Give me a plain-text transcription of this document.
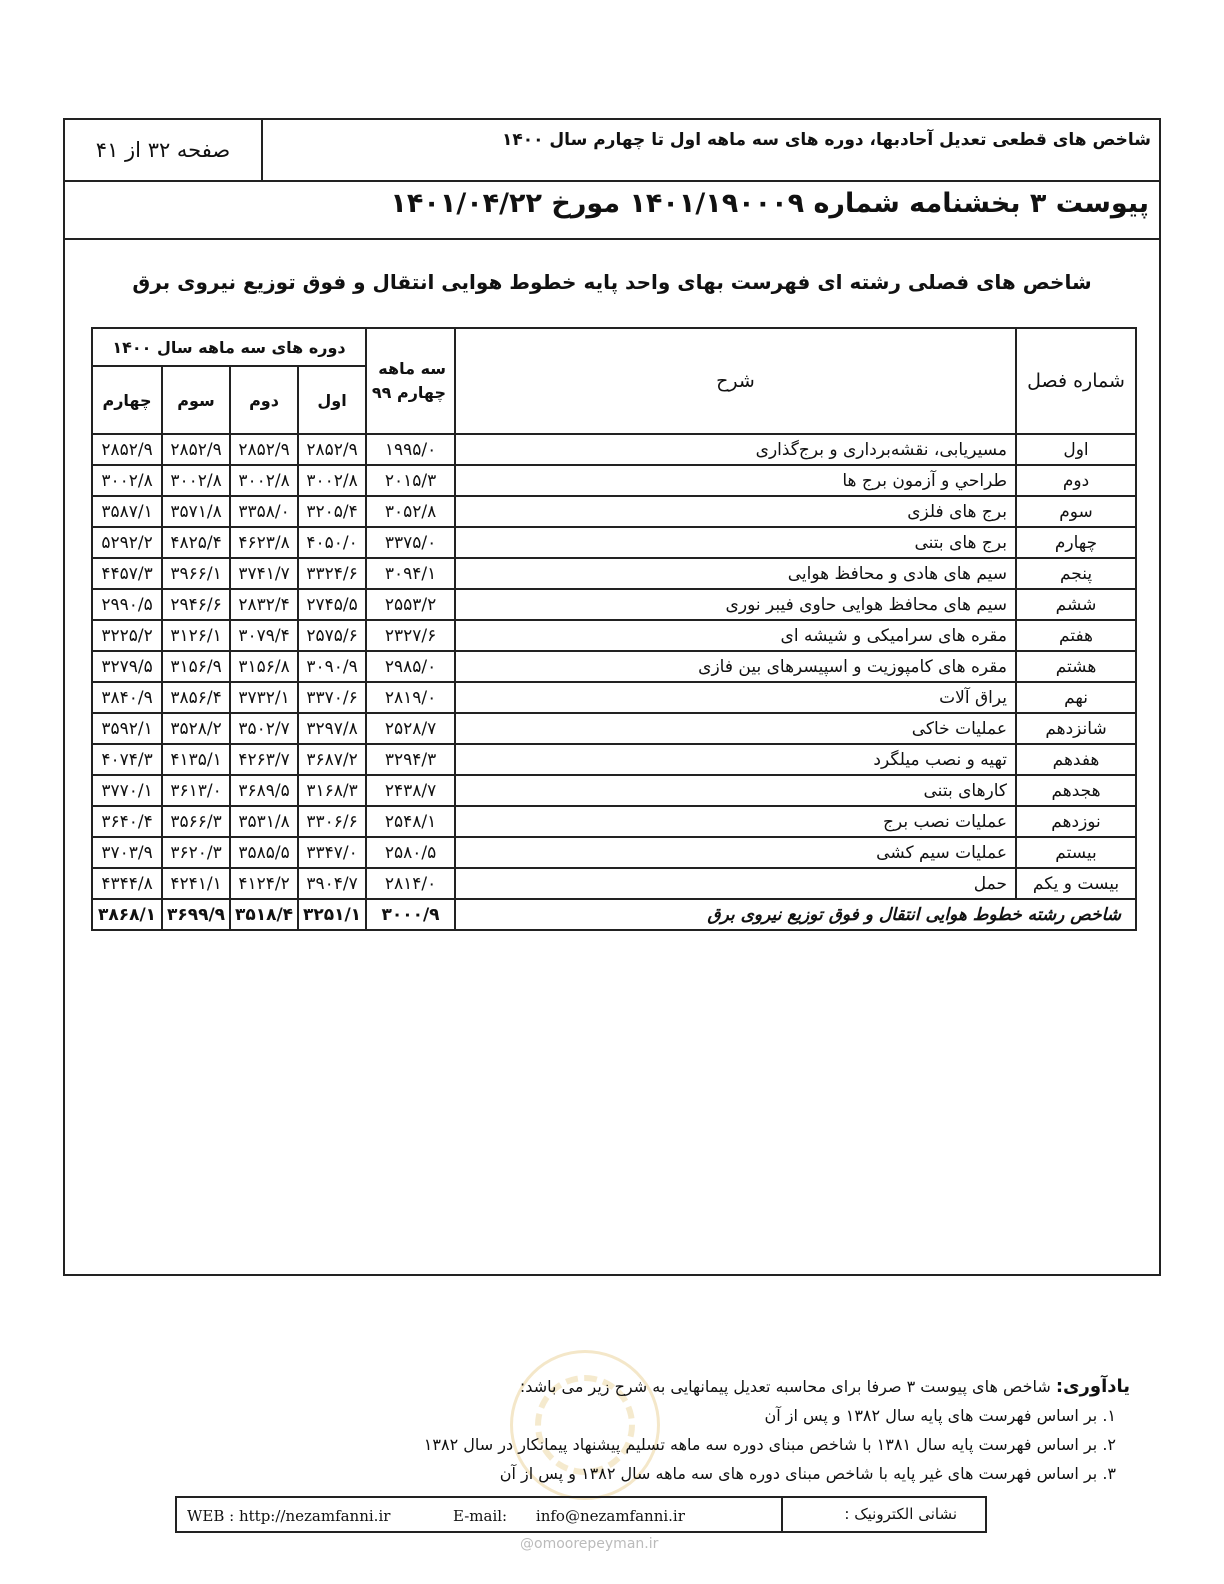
شاخص های قطعی تعدیل آحادبها، دوره های سه ماهه اول تا چهارم سال ۱۴۰۰
صفحه ۳۲ از ۴۱
پیوست ۳ بخشنامه شماره ۱۴۰۱/۱۹۰۰۰۹ مورخ ۱۴۰۱/۰۴/۲۲
شاخص های فصلی رشته ای فهرست بهای واحد پایه خطوط هوایی انتقال و فوق توزیع نیروی برق
شماره فصل	شرح	سه ماهه چهارم ۹۹	دوره های سه ماهه سال ۱۴۰۰			
			اول	دوم	سوم	چهارم
اول	مسیریابی، نقشه‌برداری و برج‌گذاری	۱۹۹۵/۰	۲۸۵۲/۹	۲۸۵۲/۹	۲۸۵۲/۹	۲۸۵۲/۹
دوم	طراحي و آزمون برج ها	۲۰۱۵/۳	۳۰۰۲/۸	۳۰۰۲/۸	۳۰۰۲/۸	۳۰۰۲/۸
سوم	برج های فلزی	۳۰۵۲/۸	۳۲۰۵/۴	۳۳۵۸/۰	۳۵۷۱/۸	۳۵۸۷/۱
چهارم	برج های بتنی	۳۳۷۵/۰	۴۰۵۰/۰	۴۶۲۳/۸	۴۸۲۵/۴	۵۲۹۲/۲
پنجم	سیم های هادی و محافظ هوایی	۳۰۹۴/۱	۳۳۲۴/۶	۳۷۴۱/۷	۳۹۶۶/۱	۴۴۵۷/۳
ششم	سیم های محافظ هوایی حاوی فیبر نوری	۲۵۵۳/۲	۲۷۴۵/۵	۲۸۳۲/۴	۲۹۴۶/۶	۲۹۹۰/۵
هفتم	مقره های سرامیکی و شیشه ای	۲۳۲۷/۶	۲۵۷۵/۶	۳۰۷۹/۴	۳۱۲۶/۱	۳۲۲۵/۲
هشتم	مقره های کامپوزیت و اسپیسرهای بین فازی	۲۹۸۵/۰	۳۰۹۰/۹	۳۱۵۶/۸	۳۱۵۶/۹	۳۲۷۹/۵
نهم	یراق آلات	۲۸۱۹/۰	۳۳۷۰/۶	۳۷۳۲/۱	۳۸۵۶/۴	۳۸۴۰/۹
شانزدهم	عملیات خاکی	۲۵۲۸/۷	۳۲۹۷/۸	۳۵۰۲/۷	۳۵۲۸/۲	۳۵۹۲/۱
هفدهم	تهیه و نصب میلگرد	۳۲۹۴/۳	۳۶۸۷/۲	۴۲۶۳/۷	۴۱۳۵/۱	۴۰۷۴/۳
هجدهم	کارهای بتنی	۲۴۳۸/۷	۳۱۶۸/۳	۳۶۸۹/۵	۳۶۱۳/۰	۳۷۷۰/۱
نوزدهم	عملیات نصب برج	۲۵۴۸/۱	۳۳۰۶/۶	۳۵۳۱/۸	۳۵۶۶/۳	۳۶۴۰/۴
بیستم	عملیات سیم کشی	۲۵۸۰/۵	۳۳۴۷/۰	۳۵۸۵/۵	۳۶۲۰/۳	۳۷۰۳/۹
بیست و یکم	حمل	۲۸۱۴/۰	۳۹۰۴/۷	۴۱۲۴/۲	۴۲۴۱/۱	۴۳۴۴/۸
شاخص رشته خطوط هوایی انتقال و فوق توزیع نیروی برق		۳۰۰۰/۹	۳۲۵۱/۱	۳۵۱۸/۴	۳۶۹۹/۹	۳۸۶۸/۱
یادآوری: شاخص های پیوست ۳ صرفا برای محاسبه تعدیل پیمانهایی به شرح زیر می باشد:
۱. بر اساس فهرست های پایه سال ۱۳۸۲ و پس از آن
۲. بر اساس فهرست پایه سال ۱۳۸۱ با شاخص مبنای دوره سه ماهه تسلیم پیشنهاد پیمانکار در سال ۱۳۸۲
۳. بر اساس فهرست های غیر پایه با شاخص مبنای دوره های سه ماهه سال ۱۳۸۲ و پس از آن
WEB : http://nezamfanni.ir	E-mail: info@nezamfanni.ir	نشانی الکترونیک :
@omoorepeyman.ir
